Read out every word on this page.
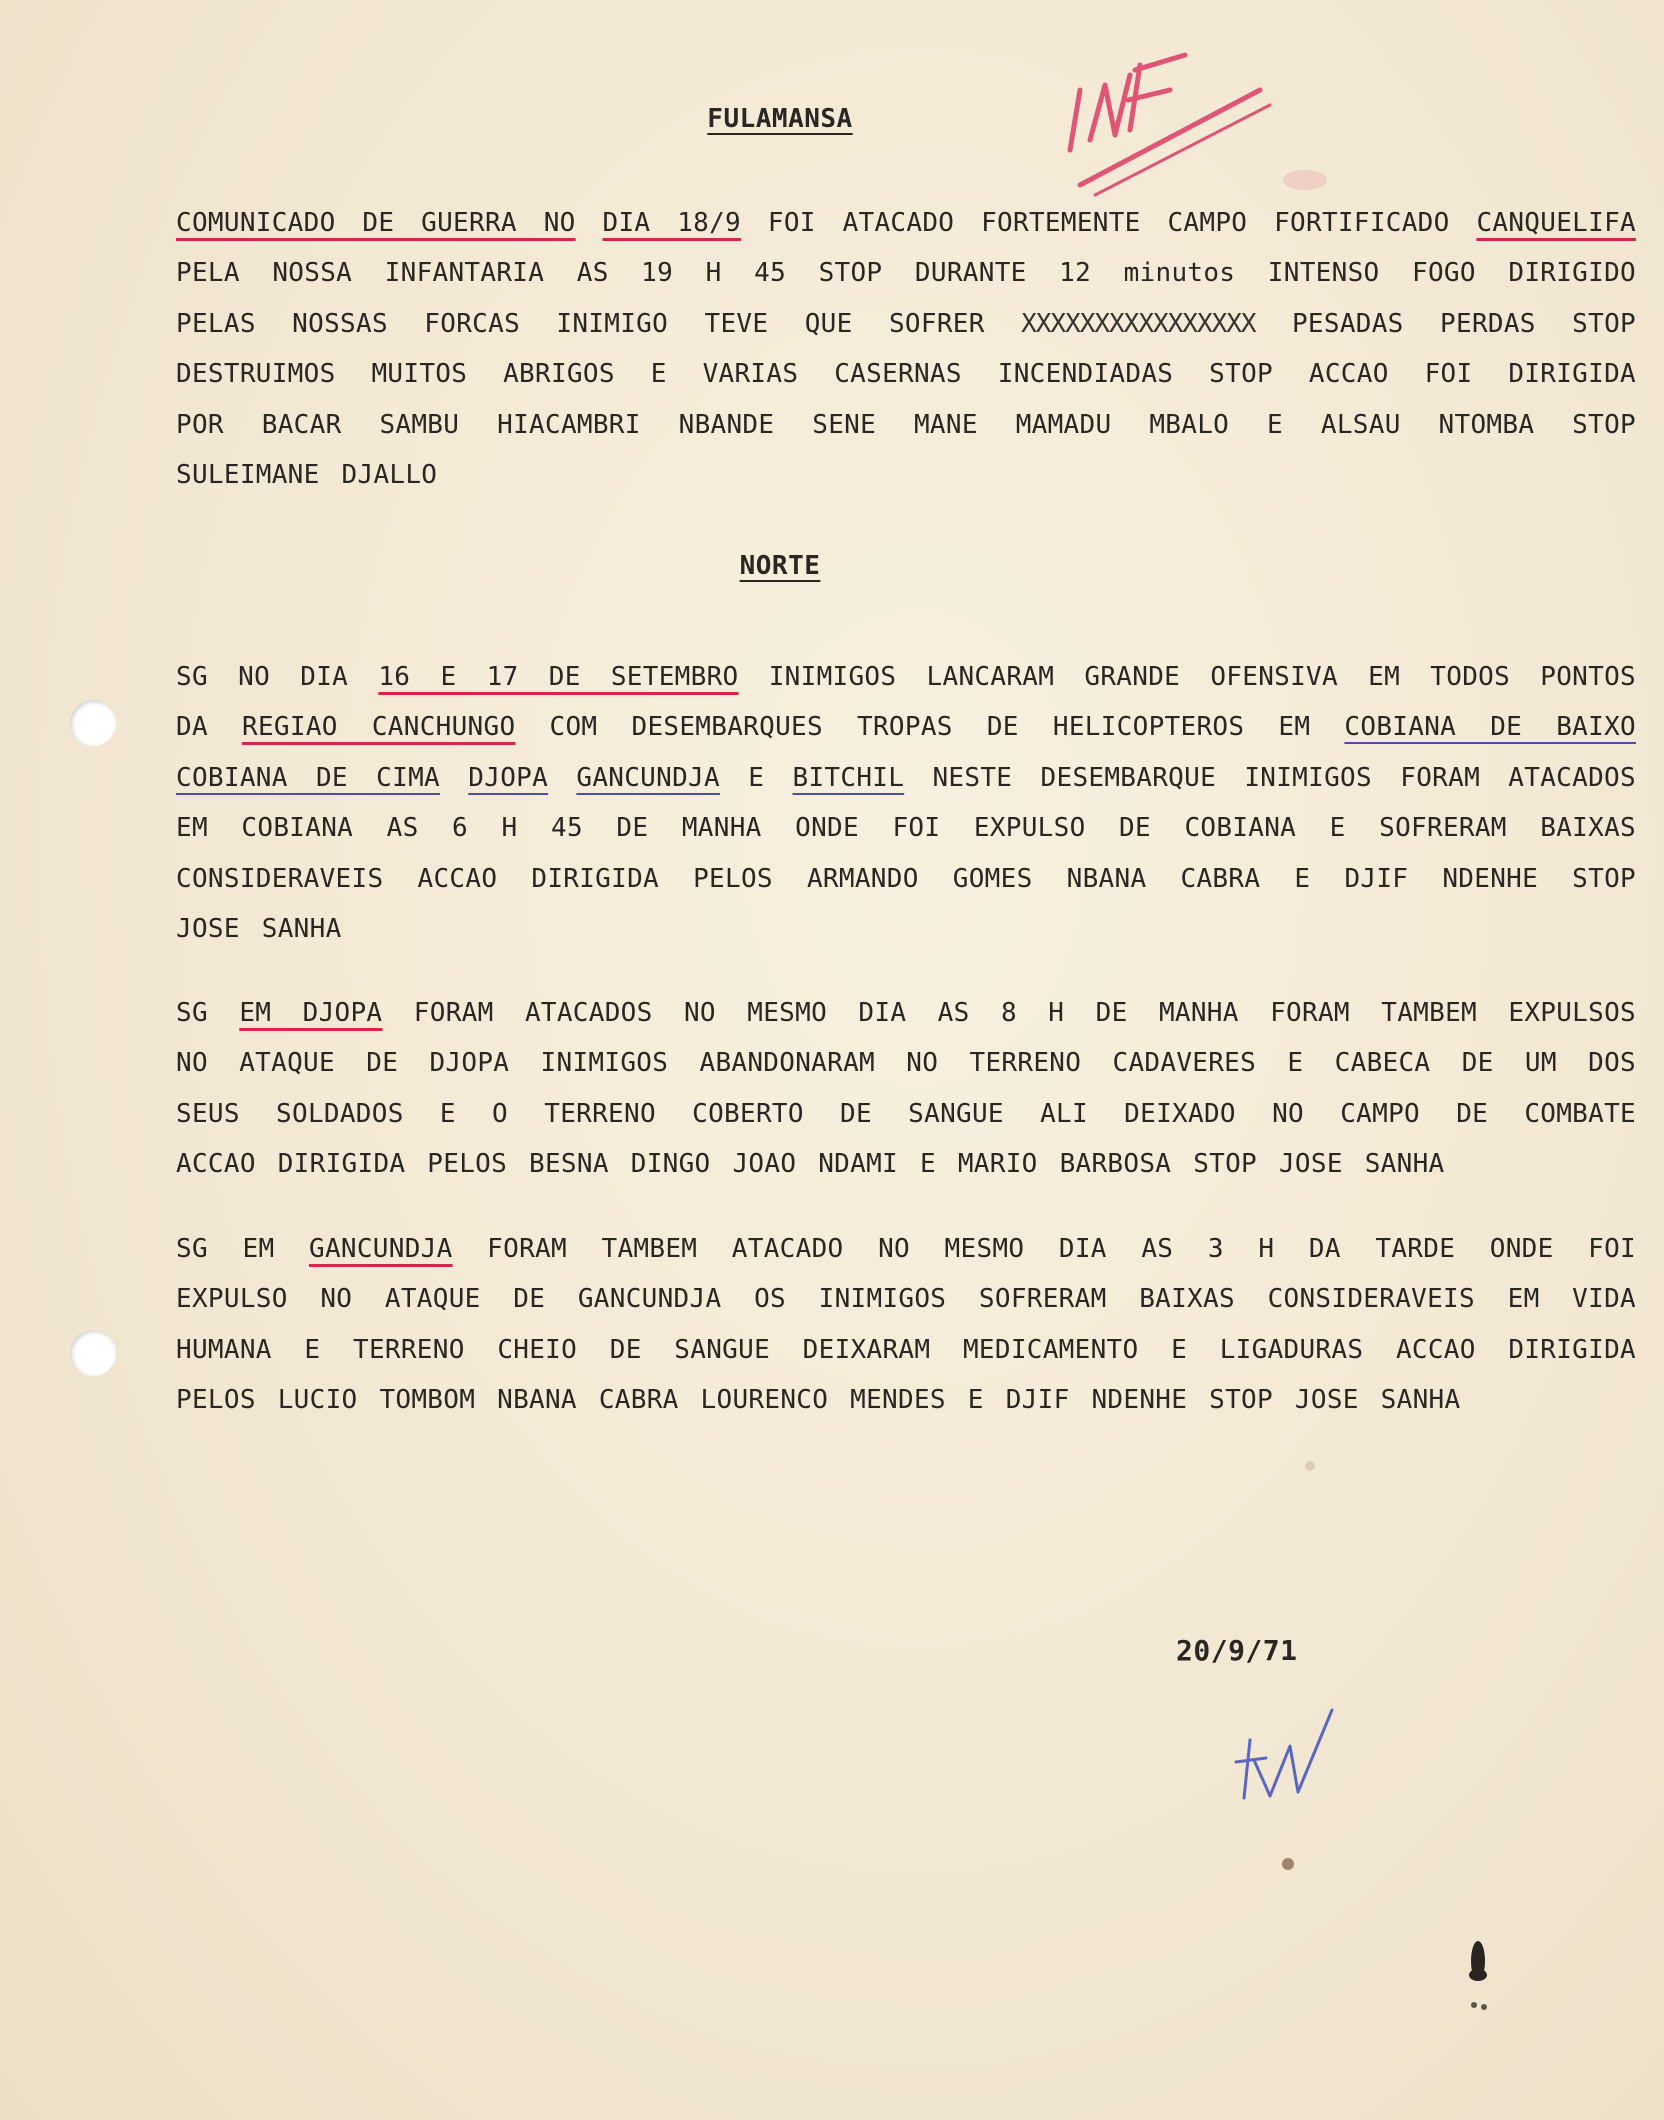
FULAMANSA
COMUNICADO DE GUERRA NO DIA 18/9 FOI ATACADO FORTEMENTE CAMPO FORTIFICADO CANQUELIFA
PELA NOSSA INFANTARIA AS 19 H 45 STOP DURANTE 12 minutos INTENSO FOGO DIRIGIDO
PELAS NOSSAS FORCAS INIMIGO TEVE QUE SOFRER XXXXXXXXXXXXXXXX PESADAS PERDAS STOP
DESTRUIMOS MUITOS ABRIGOS E VARIAS CASERNAS INCENDIADAS STOP ACCAO FOI DIRIGIDA
POR BACAR SAMBU HIACAMBRI NBANDE SENE MANE MAMADU MBALO E ALSAU NTOMBA STOP
SULEIMANE DJALLO
NORTE
SG NO DIA 16 E 17 DE SETEMBRO INIMIGOS LANCARAM GRANDE OFENSIVA EM TODOS PONTOS
DA REGIAO CANCHUNGO COM DESEMBARQUES TROPAS DE HELICOPTEROS EM COBIANA DE BAIXO
COBIANA DE CIMA DJOPA GANCUNDJA E BITCHIL NESTE DESEMBARQUE INIMIGOS FORAM ATACADOS
EM COBIANA AS 6 H 45 DE MANHA ONDE FOI EXPULSO DE COBIANA E SOFRERAM BAIXAS
CONSIDERAVEIS ACCAO DIRIGIDA PELOS ARMANDO GOMES NBANA CABRA E DJIF NDENHE STOP
JOSE SANHA
SG EM DJOPA FORAM ATACADOS NO MESMO DIA AS 8 H DE MANHA FORAM TAMBEM EXPULSOS
NO ATAQUE DE DJOPA INIMIGOS ABANDONARAM NO TERRENO CADAVERES E CABECA DE UM DOS
SEUS SOLDADOS E O TERRENO COBERTO DE SANGUE ALI DEIXADO NO CAMPO DE COMBATE
ACCAO DIRIGIDA PELOS BESNA DINGO JOAO NDAMI E MARIO BARBOSA STOP JOSE SANHA
SG EM GANCUNDJA FORAM TAMBEM ATACADO NO MESMO DIA AS 3 H DA TARDE ONDE FOI
EXPULSO NO ATAQUE DE GANCUNDJA OS INIMIGOS SOFRERAM BAIXAS CONSIDERAVEIS EM VIDA
HUMANA E TERRENO CHEIO DE SANGUE DEIXARAM MEDICAMENTO E LIGADURAS ACCAO DIRIGIDA
PELOS LUCIO TOMBOM NBANA CABRA LOURENCO MENDES E DJIF NDENHE STOP JOSE SANHA
20/9/71
